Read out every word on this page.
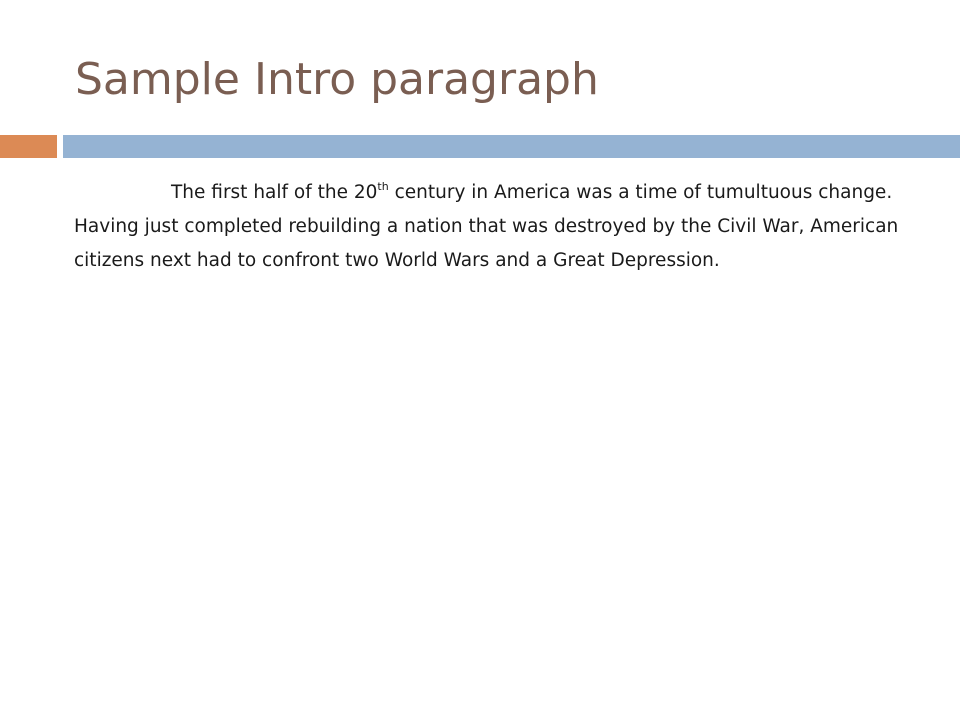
Sample Intro paragraph

The first half of the 20th century in America was a time of tumultuous change. Having just completed rebuilding a nation that was destroyed by the Civil War, American citizens next had to confront two World Wars and a Great Depression.
